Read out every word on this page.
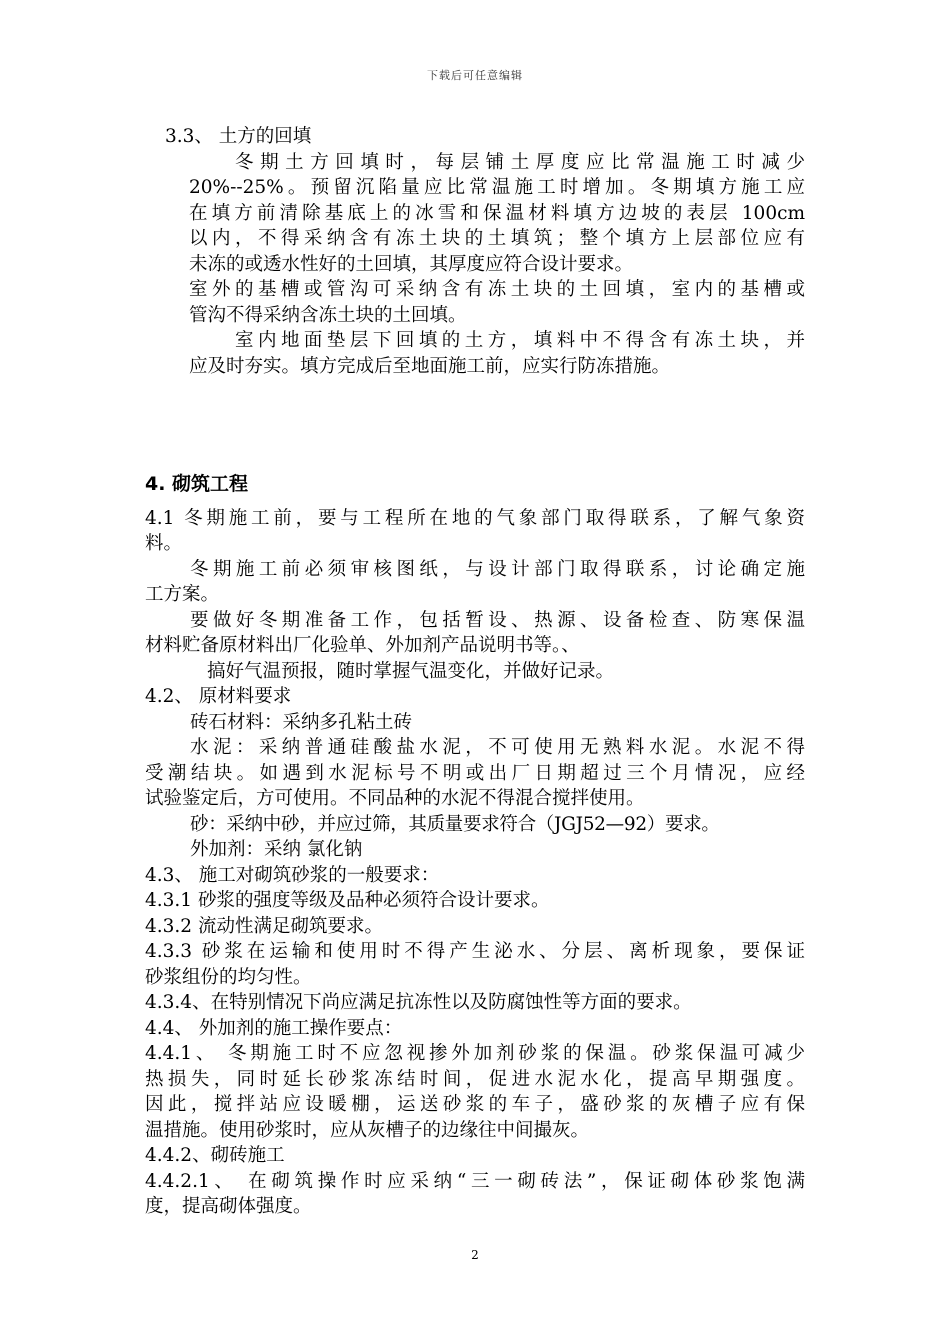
下载后可任意编辑
3.3、 土方的回填
冬期土方回填时，每层铺土厚度应比常温施工时减少
20%--25%。预留沉陷量应比常温施工时增加。冬期填方施工应
在填方前清除基底上的冰雪和保温材料填方边坡的表层 100cm
以内，不得采纳含有冻土块的土填筑；整个填方上层部位应有
未冻的或透水性好的土回填，其厚度应符合设计要求。
室外的基槽或管沟可采纳含有冻土块的土回填，室内的基槽或
管沟不得采纳含冻土块的土回填。
室内地面垫层下回填的土方，填料中不得含有冻土块，并
应及时夯实。填方完成后至地面施工前，应实行防冻措施。
4. 砌筑工程
4.1 冬期施工前，要与工程所在地的气象部门取得联系，了解气象资
料。
冬期施工前必须审核图纸，与设计部门取得联系，讨论确定施
工方案。
要做好冬期准备工作，包括暂设、热源、设备检查、防寒保温
材料贮备原材料出厂化验单、外加剂产品说明书等。、
搞好气温预报，随时掌握气温变化，并做好记录。
4.2、 原材料要求
砖石材料：采纳多孔粘土砖
水泥：采纳普通硅酸盐水泥，不可使用无熟料水泥。水泥不得
受潮结块。如遇到水泥标号不明或出厂日期超过三个月情况，应经
试验鉴定后，方可使用。不同品种的水泥不得混合搅拌使用。
砂：采纳中砂，并应过筛，其质量要求符合（JGJ52—92）要求。
外加剂：采纳 氯化钠
4.3、 施工对砌筑砂浆的一般要求：
4.3.1 砂浆的强度等级及品种必须符合设计要求。
4.3.2 流动性满足砌筑要求。
4.3.3 砂浆在运输和使用时不得产生泌水、分层、离析现象，要保证
砂浆组份的均匀性。
4.3.4、在特别情况下尚应满足抗冻性以及防腐蚀性等方面的要求。
4.4、 外加剂的施工操作要点：
4.4.1、 冬期施工时不应忽视掺外加剂砂浆的保温。砂浆保温可减少
热损失，同时延长砂浆冻结时间，促进水泥水化，提高早期强度。
因此，搅拌站应设暖棚，运送砂浆的车子，盛砂浆的灰槽子应有保
温措施。使用砂浆时，应从灰槽子的边缘往中间撮灰。
4.4.2、砌砖施工
4.4.2.1、 在砌筑操作时应采纳“三一砌砖法”，保证砌体砂浆饱满
度，提高砌体强度。
2
